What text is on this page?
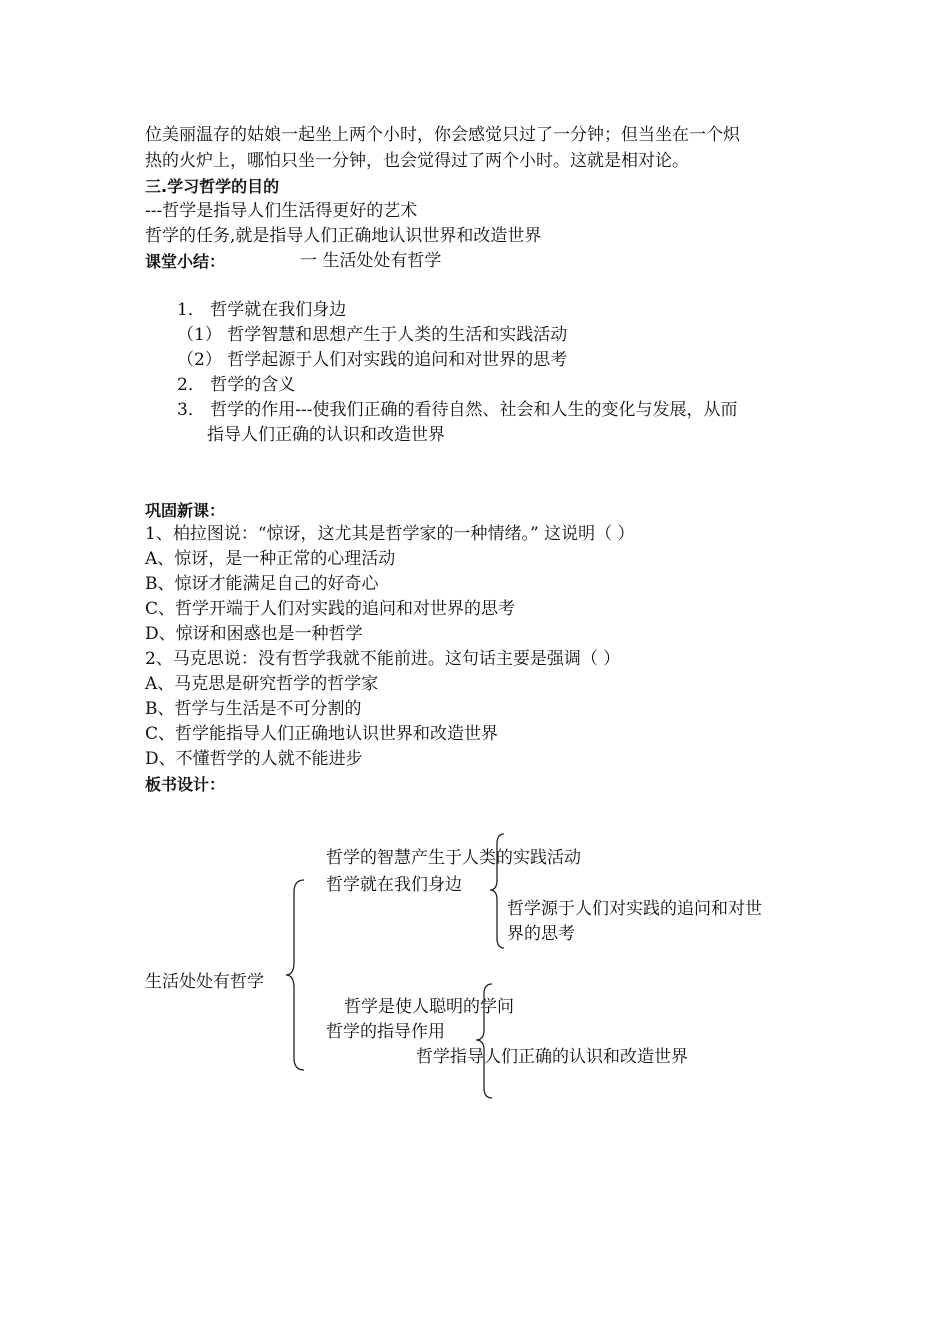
位美丽温存的姑娘一起坐上两个小时，你会感觉只过了一分钟；但当坐在一个炽
热的火炉上，哪怕只坐一分钟，也会觉得过了两个小时。这就是相对论。
三.学习哲学的目的
---哲学是指导人们生活得更好的艺术
哲学的任务,就是指导人们正确地认识世界和改造世界
课堂小结：	一 生活处处有哲学
1． 哲学就在我们身边
（1） 哲学智慧和思想产生于人类的生活和实践活动
（2） 哲学起源于人们对实践的追问和对世界的思考
2． 哲学的含义
3． 哲学的作用---使我们正确的看待自然、社会和人生的变化与发展，从而
指导人们正确的认识和改造世界
巩固新课：
1、柏拉图说：“惊讶，这尤其是哲学家的一种情绪。” 这说明（ ）
A、惊讶，是一种正常的心理活动
B、惊讶才能满足自己的好奇心
C、哲学开端于人们对实践的追问和对世界的思考
D、惊讶和困惑也是一种哲学
2、马克思说：没有哲学我就不能前进。这句话主要是强调（ ）
A、马克思是研究哲学的哲学家
B、哲学与生活是不可分割的
C、哲学能指导人们正确地认识世界和改造世界
D、不懂哲学的人就不能进步
板书设计：
生活处处有哲学
哲学就在我们身边
哲学的智慧产生于人类的实践活动
哲学源于人们对实践的追问和对世
界的思考
哲学的指导作用
哲学是使人聪明的学问
哲学指导人们正确的认识和改造世界
